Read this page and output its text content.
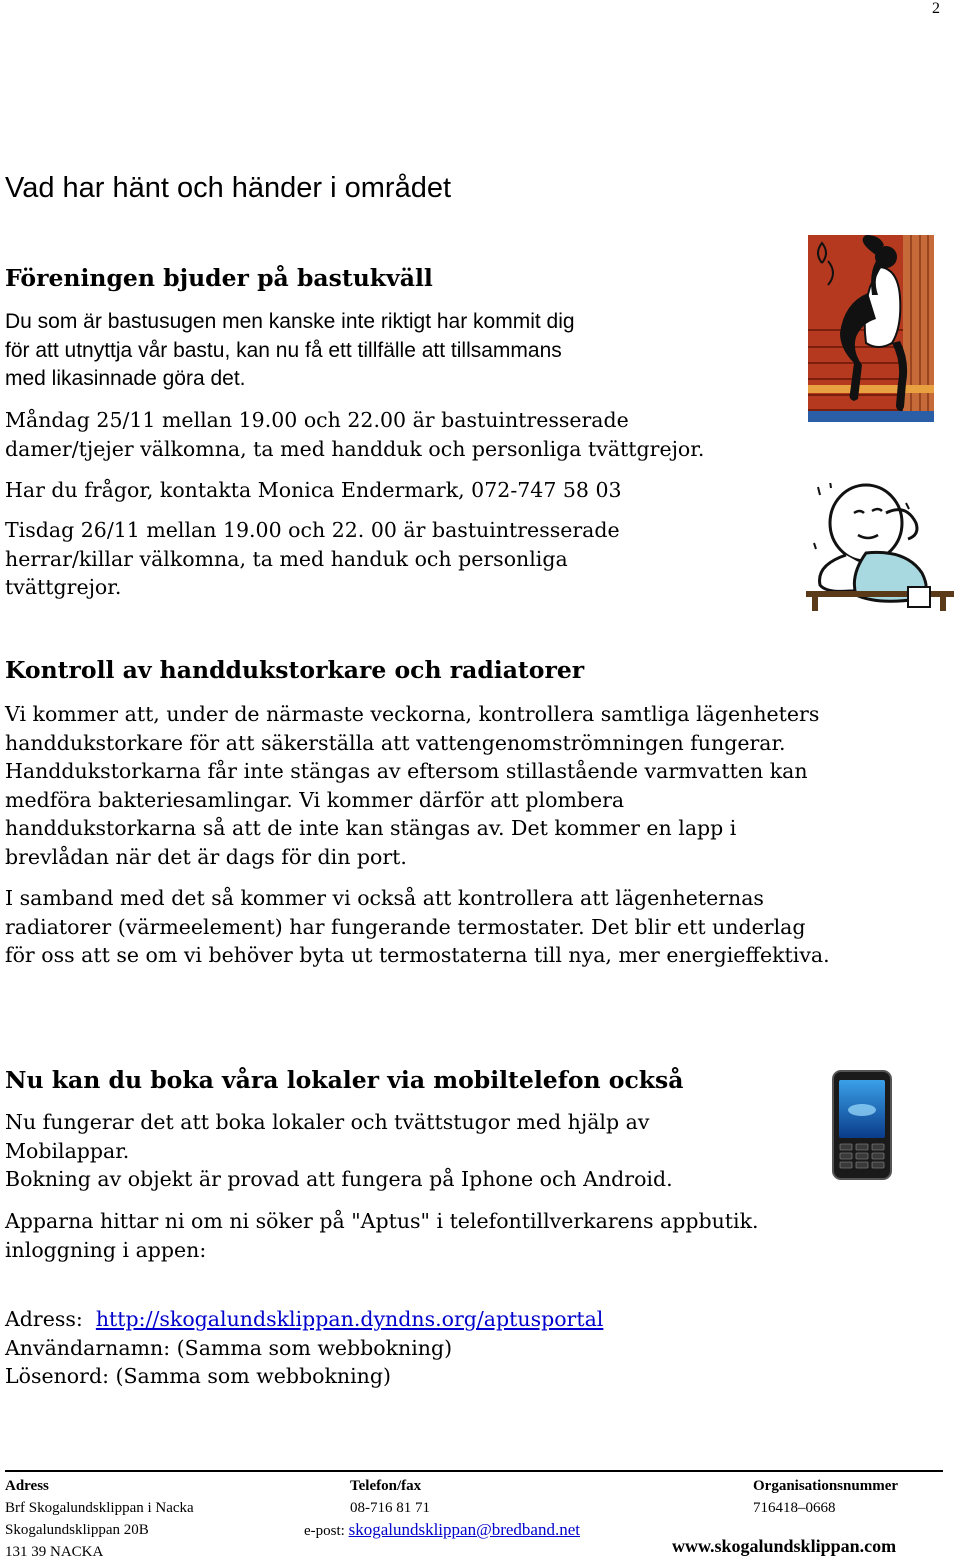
2
Vad har hänt och händer i området
Föreningen bjuder på bastukväll
Du som är bastusugen men kanske inte riktigt har kommit dig
för att utnyttja vår bastu, kan nu få ett tillfälle att tillsammans
med likasinnade göra det.
Måndag 25/11 mellan 19.00 och 22.00 är bastuintresserade
damer/tjejer välkomna, ta med handduk och personliga tvättgrejor.
Har du frågor, kontakta Monica Endermark, 072-747 58 03
Tisdag 26/11 mellan 19.00 och 22. 00 är bastuintresserade
herrar/killar välkomna, ta med handuk och personliga
tvättgrejor.
Kontroll av handdukstorkare och radiatorer
Vi kommer att, under de närmaste veckorna, kontrollera samtliga lägenheters
handdukstorkare för att säkerställa att vattengenomströmningen fungerar.
Handdukstorkarna får inte stängas av eftersom stillastående varmvatten kan
medföra bakteriesamlingar. Vi kommer därför att plombera
handdukstorkarna så att de inte kan stängas av. Det kommer en lapp i
brevlådan när det är dags för din port.
I samband med det så kommer vi också att kontrollera att lägenheternas
radiatorer (värmeelement) har fungerande termostater. Det blir ett underlag
för oss att se om vi behöver byta ut termostaterna till nya, mer energieffektiva.
Nu kan du boka våra lokaler via mobiltelefon också
Nu fungerar det att boka lokaler och tvättstugor med hjälp av
Mobilappar.
Bokning av objekt är provad att fungera på Iphone och Android.
Apparna hittar ni om ni söker på "Aptus" i telefontillverkarens appbutik.
inloggning i appen:
Adress: http://skogalundsklippan.dyndns.org/aptusportal
Användarnamn: (Samma som webbokning)
Lösenord: (Samma som webbokning)
Adress
Brf Skogalundsklippan i Nacka
Skogalundsklippan 20B
131 39 NACKA
Telefon/fax
08-716 81 71
e-post: skogalundsklippan@bredband.net
Organisationsnummer
716418–0668
www.skogalundsklippan.com
